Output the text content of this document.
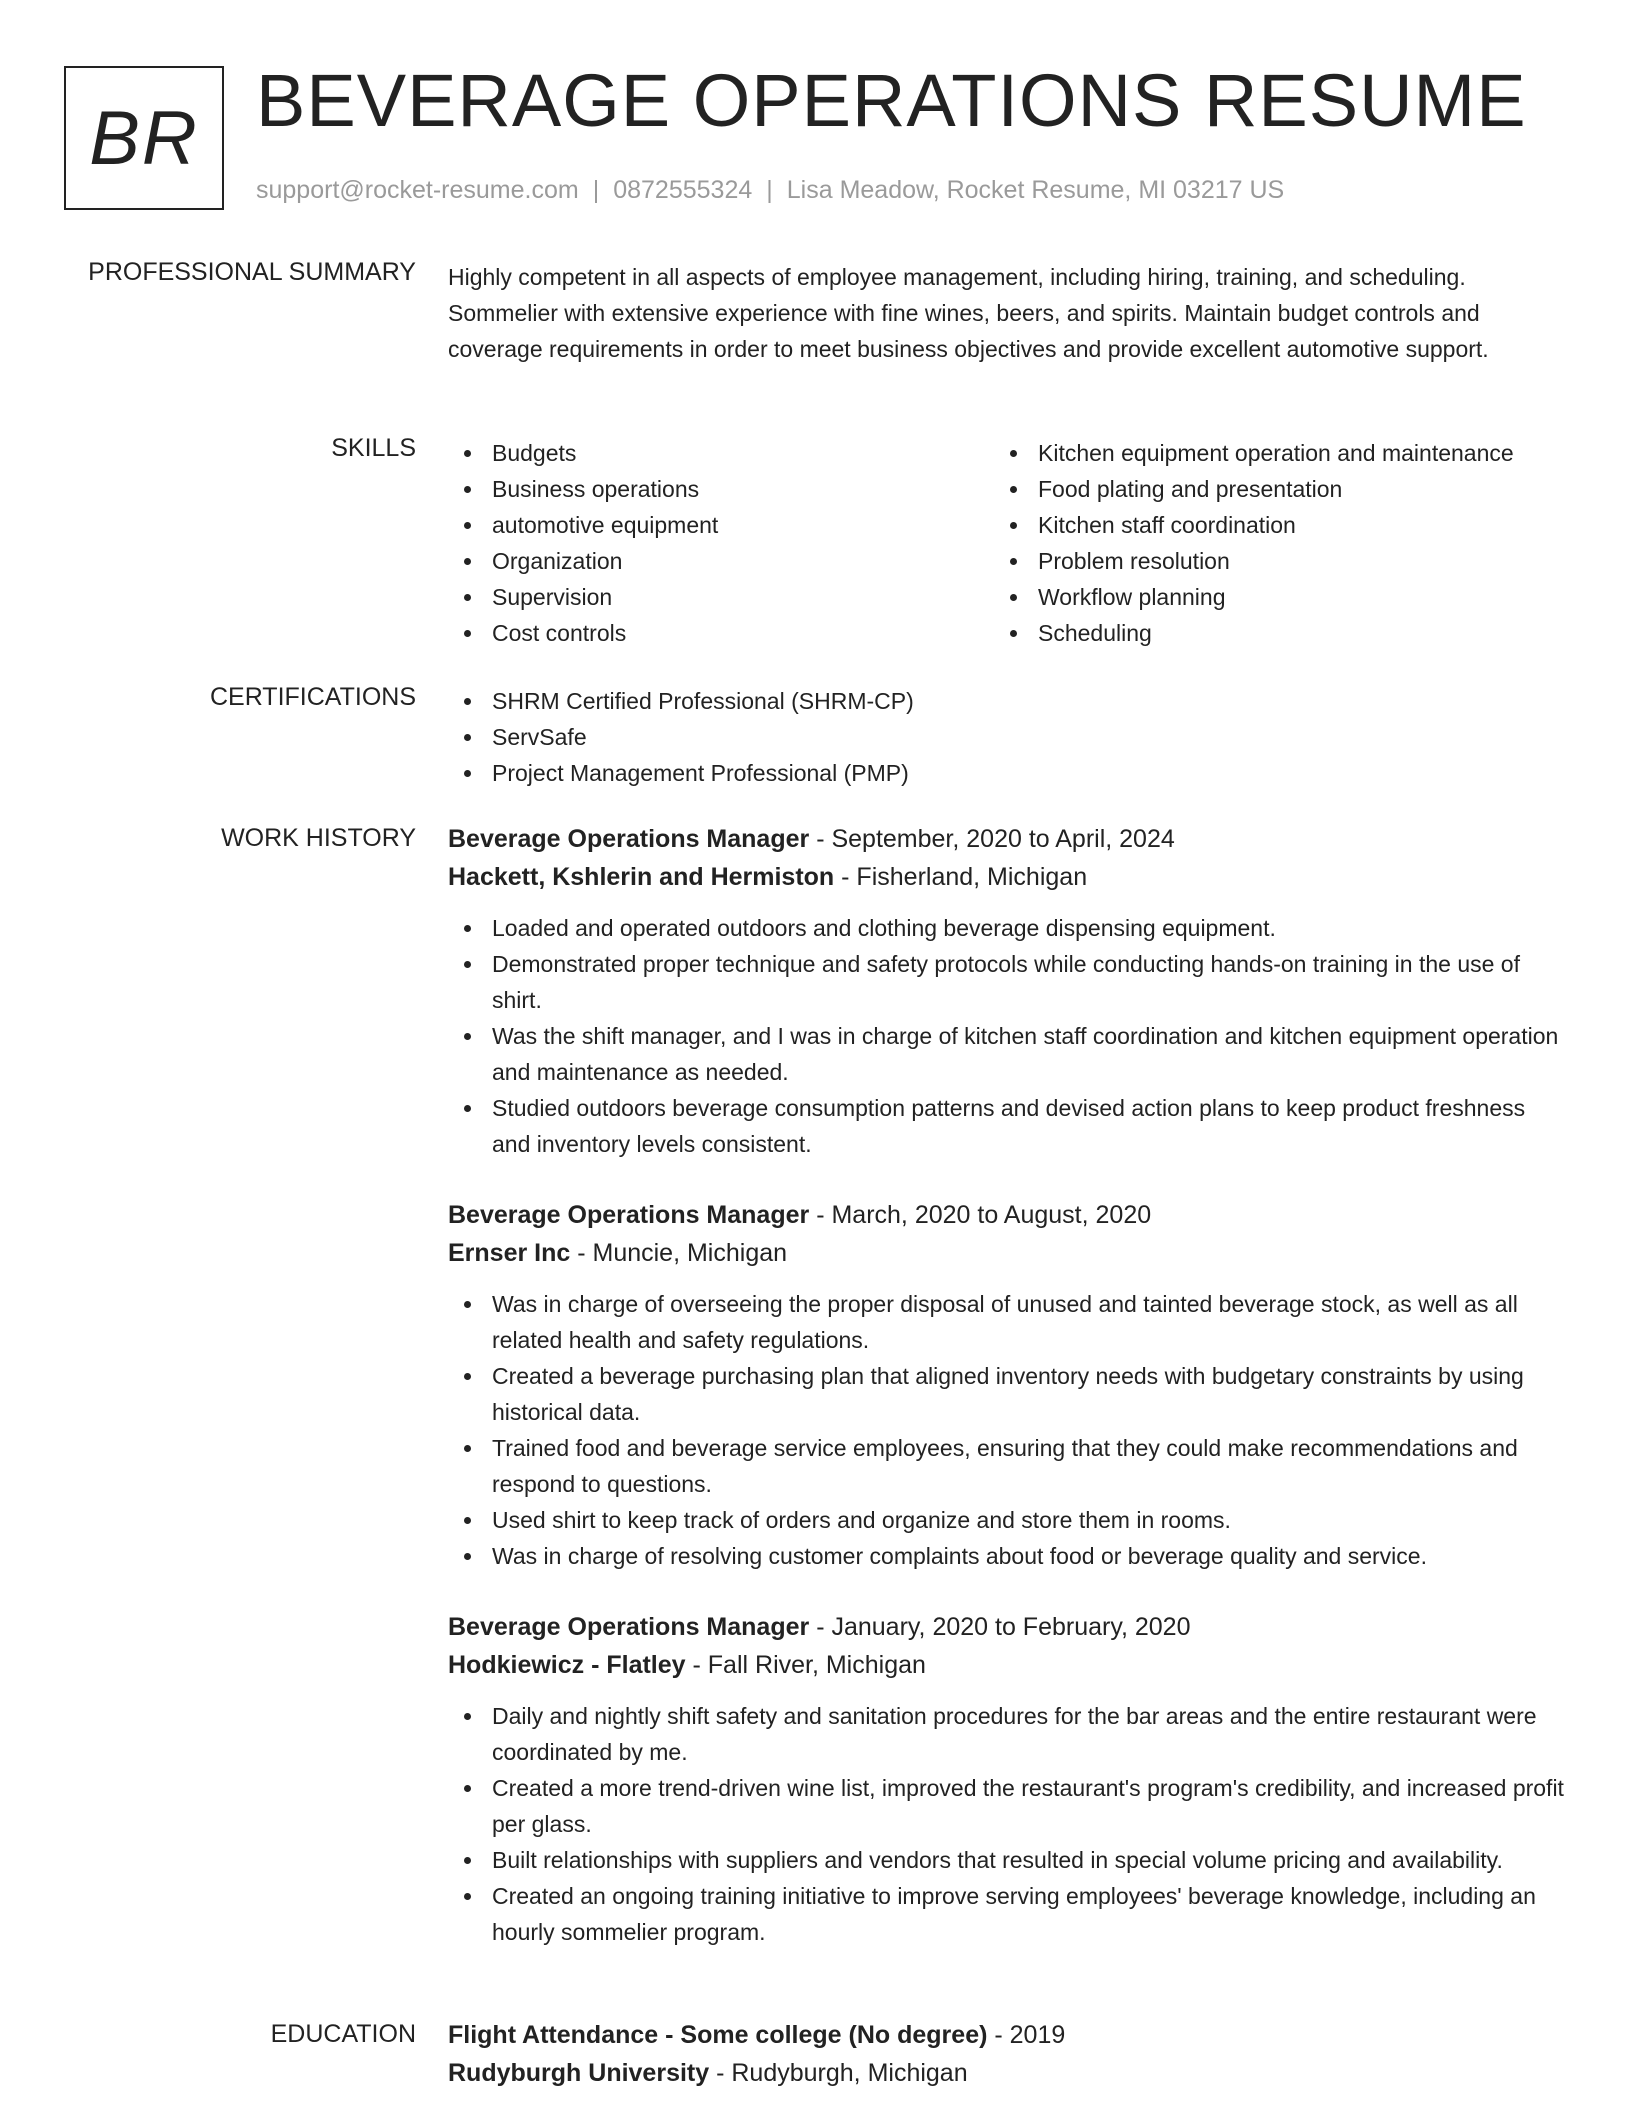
BR BEVERAGE OPERATIONS RESUME
support@rocket-resume.com | 0872555324 | Lisa Meadow, Rocket Resume, MI 03217 US
PROFESSIONAL SUMMARY Highly competent in all aspects of employee management, including hiring, training, and scheduling. Sommelier with extensive experience with fine wines, beers, and spirits. Maintain budget controls and coverage requirements in order to meet business objectives and provide excellent automotive support.
SKILLS	Budgets
Business operations
automotive equipment
Organization
Supervision
Cost controls
Kitchen equipment operation and maintenance
Food plating and presentation
Kitchen staff coordination
Problem resolution
Workflow planning
Scheduling
CERTIFICATIONS	SHRM Certified Professional (SHRM-CP)
ServSafe
Project Management Professional (PMP)
WORK HISTORY Beverage Operations Manager - September, 2020 to April, 2024
Hackett, Kshlerin and Hermiston - Fisherland, Michigan
Loaded and operated outdoors and clothing beverage dispensing equipment.
Demonstrated proper technique and safety protocols while conducting hands-on training in the use of shirt.
Was the shift manager, and I was in charge of kitchen staff coordination and kitchen equipment operation and maintenance as needed.
Studied outdoors beverage consumption patterns and devised action plans to keep product freshness and inventory levels consistent.
Beverage Operations Manager - March, 2020 to August, 2020
Ernser Inc - Muncie, Michigan
Was in charge of overseeing the proper disposal of unused and tainted beverage stock, as well as all related health and safety regulations.
Created a beverage purchasing plan that aligned inventory needs with budgetary constraints by using historical data.
Trained food and beverage service employees, ensuring that they could make recommendations and respond to questions.
Used shirt to keep track of orders and organize and store them in rooms.
Was in charge of resolving customer complaints about food or beverage quality and service.
Beverage Operations Manager - January, 2020 to February, 2020
Hodkiewicz - Flatley - Fall River, Michigan
Daily and nightly shift safety and sanitation procedures for the bar areas and the entire restaurant were coordinated by me.
Created a more trend-driven wine list, improved the restaurant's program's credibility, and increased profit per glass.
Built relationships with suppliers and vendors that resulted in special volume pricing and availability.
Created an ongoing training initiative to improve serving employees' beverage knowledge, including an hourly sommelier program.
EDUCATION Flight Attendance - Some college (No degree) - 2019
Rudyburgh University - Rudyburgh, Michigan
